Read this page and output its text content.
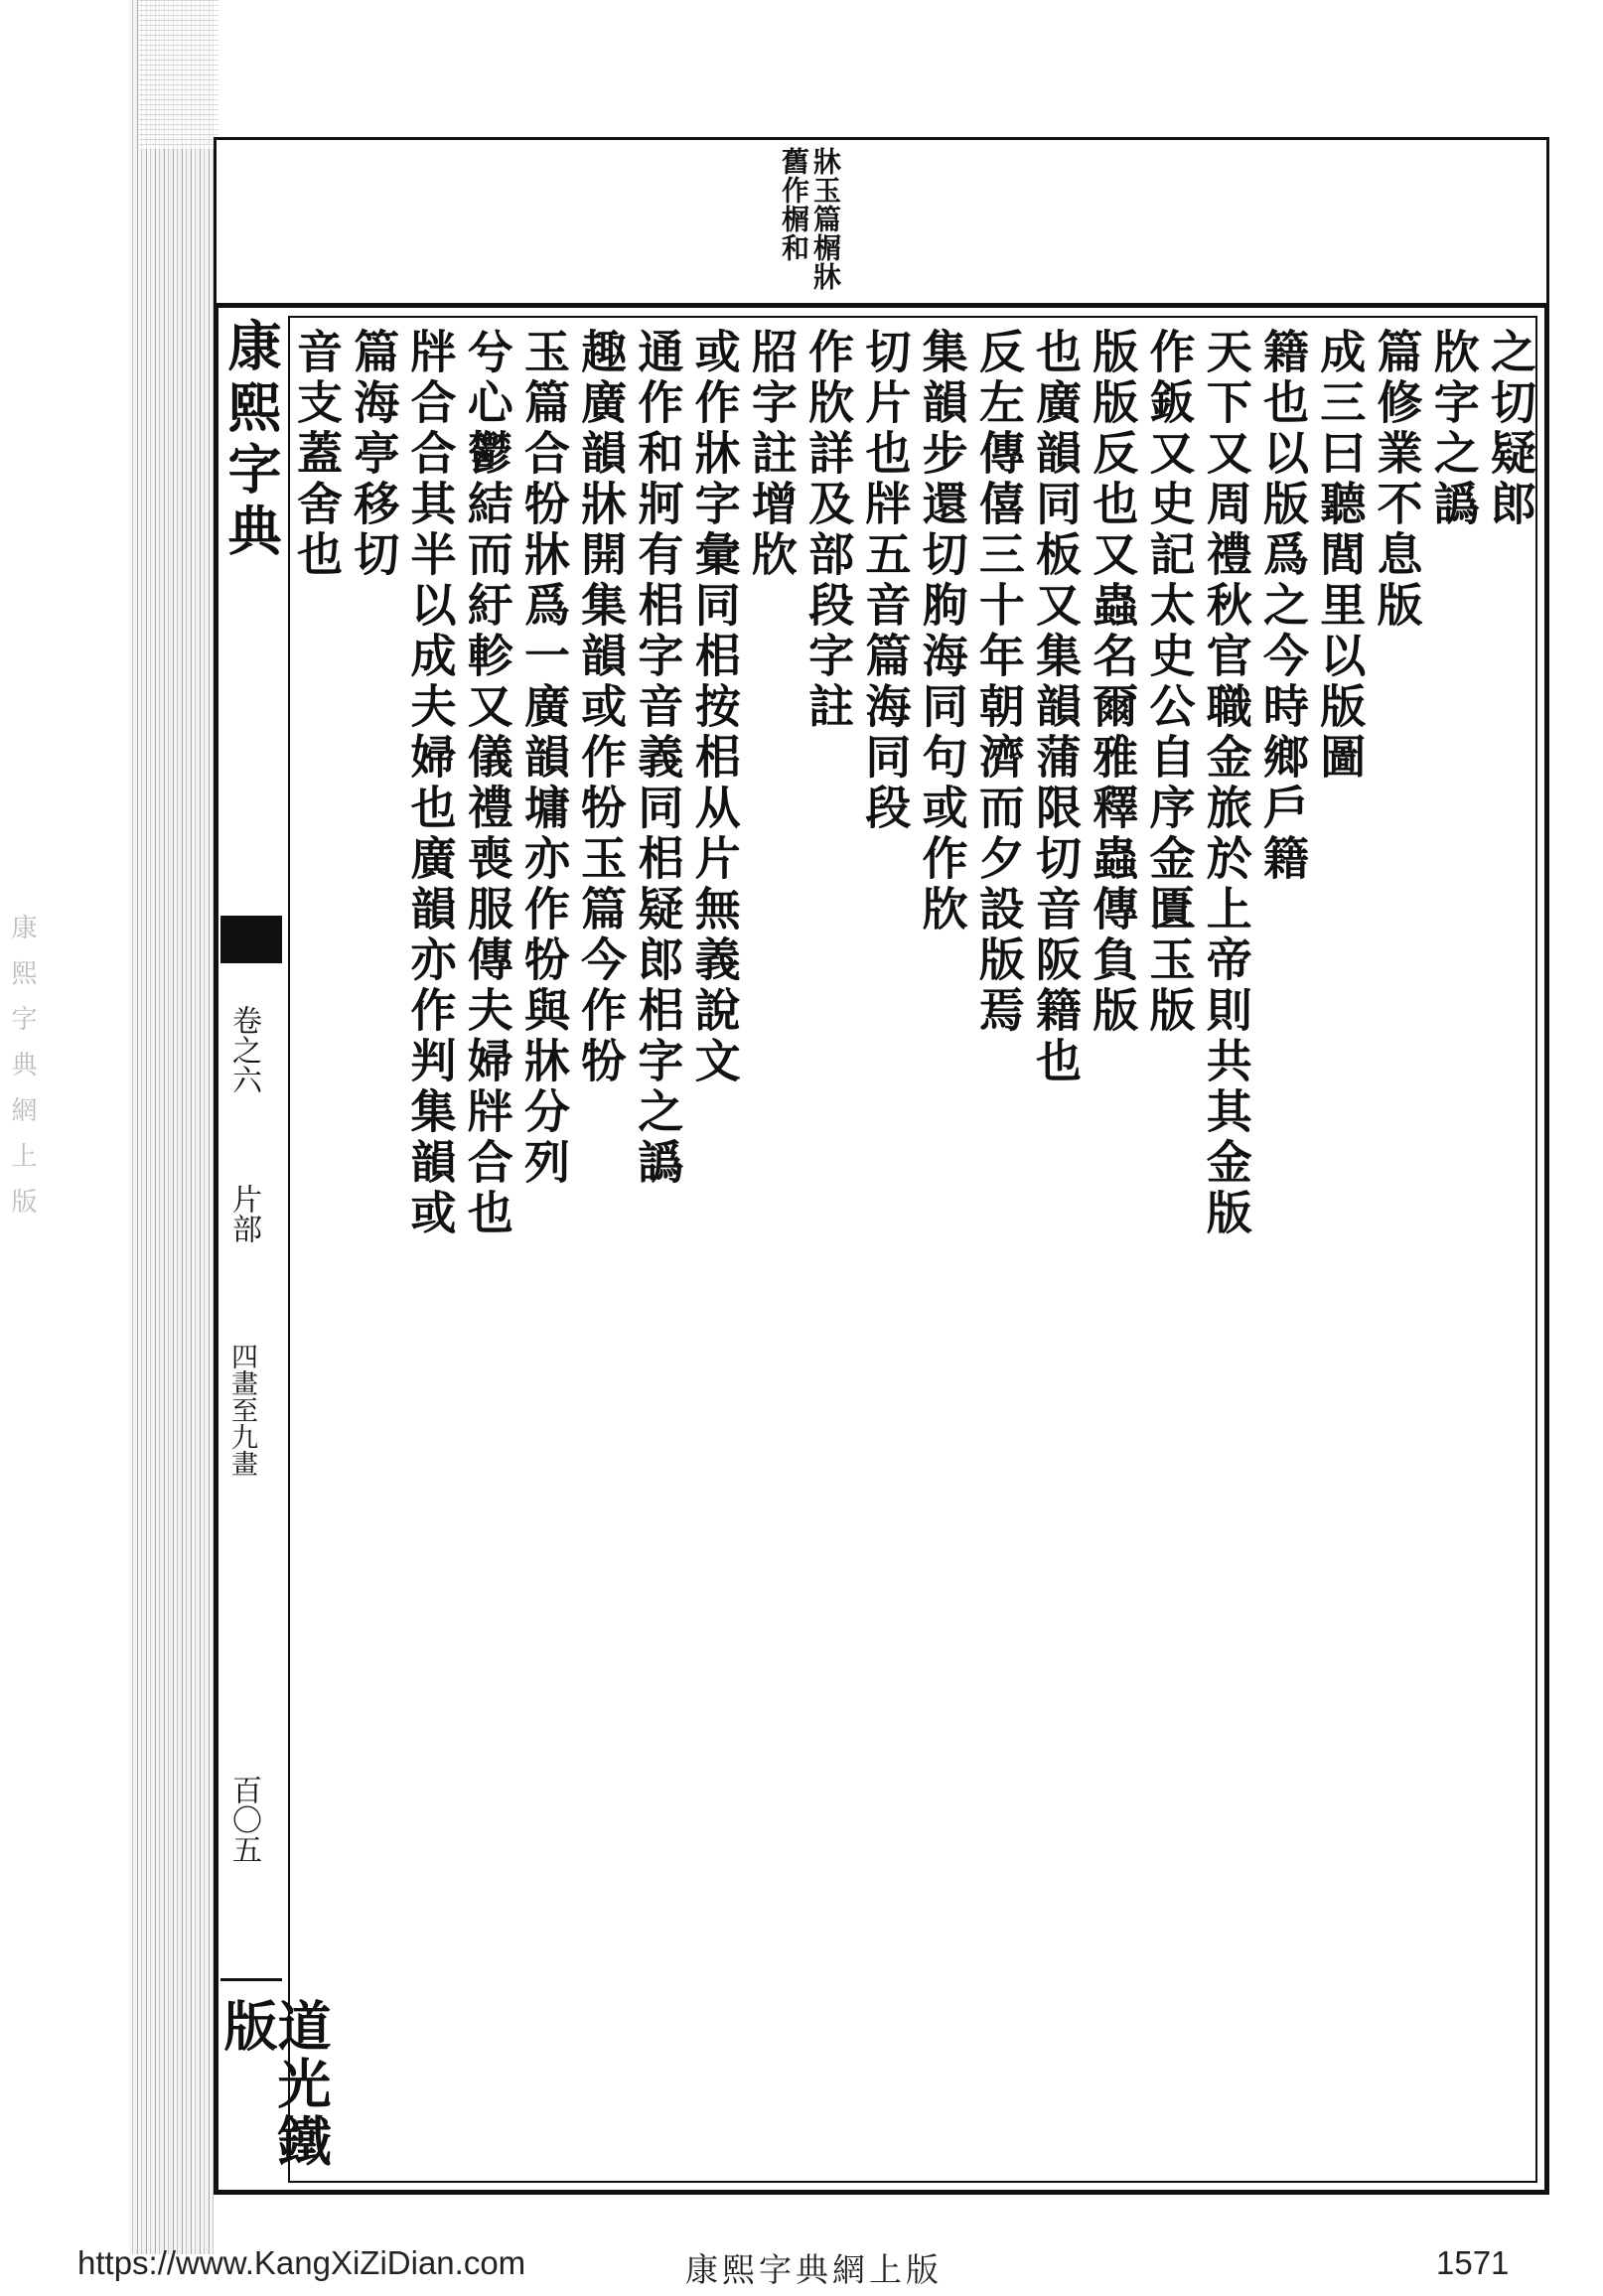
康熙字典網上版
牀玉篇榍牀
舊作榍和
康熙字典
卷之六
片部
四畫至九畫
百〇五
道光鐵版
之切疑郎
㸝字之譌
篇修業不息版
成三曰聽閭里以版圖
籍也以版爲之今時鄉戶籍
天下又周禮秋官職金旅於上帝則共其金版
作鈑又史記太史公自序金匱玉版
版版反也又蟲名爾雅釋蟲傳負版
也廣韻同板又集韻蒲限切音阪籍也
反左傳僖三十年朝濟而夕設版焉
集韻步還切胊海同句或作㸝
切片也牉五音篇海同段
作㸝詳及部段字註
牊字註增㸝
或作牀字彙同㭒按㭒从片無義說文
通作和牁有㭒字音義同㭒疑郎㭒字之譌
趣廣韻牀開集韻或作㸮玉篇今作㸮
玉篇合㸮牀爲一廣韻墉亦作㸮與牀分列
兮心鬱結而紆軫又儀禮喪服傳夫婦牉合也
牉合合其半以成夫婦也廣韻亦作判集韻或
篇海亭移切
音支蓋舍也
https://www.KangXiZiDian.com	康熙字典網上版	1571
